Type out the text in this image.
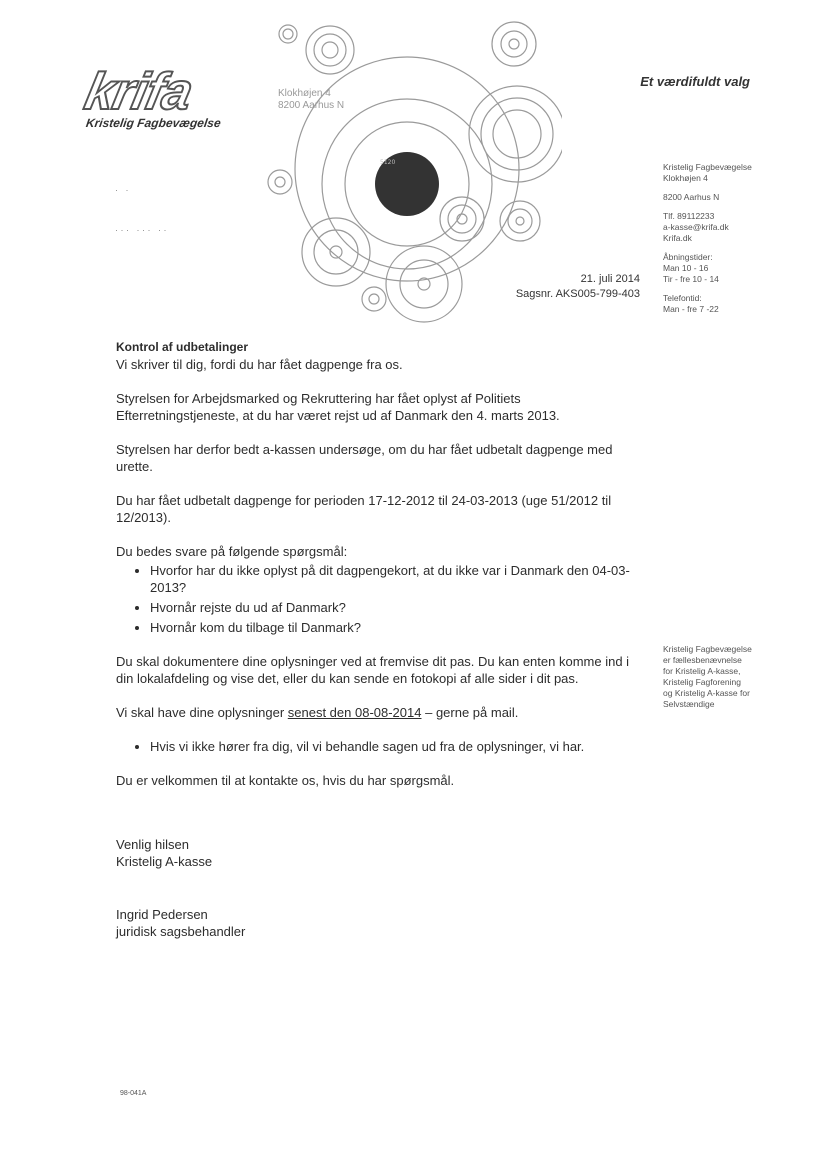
krifa
Kristelig Fagbevægelse
Et værdifuldt valg
5120
Klokhøjen 4
8200 Aarhus N
·   ·
· · ·   · · ·   · ·

Kristelig Fagbevægelse
Klokhøjen 4

8200 Aarhus N

Tlf. 89112233
a-kasse@krifa.dk
Krifa.dk

Åbningstider:
Man 10 - 16
Tir - fre 10 - 14

Telefontid:
Man - fre 7 -22

Kristelig Fagbevægelse
er fællesbenævnelse
for Kristelig A-kasse,
Kristelig Fagforening
og Kristelig A-kasse for
Selvstændige
21. juli 2014
Sagsnr. AKS005-799-403

Kontrol af udbetalinger
Vi skriver til dig, fordi du har fået dagpenge fra os.

Styrelsen for Arbejdsmarked og Rekruttering har fået oplyst af Politiets Efterretningstjeneste, at du har været rejst ud af Danmark den 4. marts 2013.

Styrelsen har derfor bedt a-kassen undersøge, om du har fået udbetalt dagpenge med urette.

Du har fået udbetalt dagpenge for perioden 17-12-2012 til 24-03-2013 (uge 51/2012 til 12/2013).

Du bedes svare på følgende spørgsmål:

• Hvorfor har du ikke oplyst på dit dagpengekort, at du ikke var i Danmark den 04-03-2013?
• Hvornår rejste du ud af Danmark?
• Hvornår kom du tilbage til Danmark?

Du skal dokumentere dine oplysninger ved at fremvise dit pas. Du kan enten komme ind i din lokalafdeling og vise det, eller du kan sende en fotokopi af alle sider i dit pas.

Vi skal have dine oplysninger senest den 08-08-2014 – gerne på mail.

• Hvis vi ikke hører fra dig, vil vi behandle sagen ud fra de oplysninger, vi har.

Du er velkommen til at kontakte os, hvis du har spørgsmål.

Venlig hilsen
Kristelig A-kasse
Ingrid Pedersen
juridisk sagsbehandler
98-041A
